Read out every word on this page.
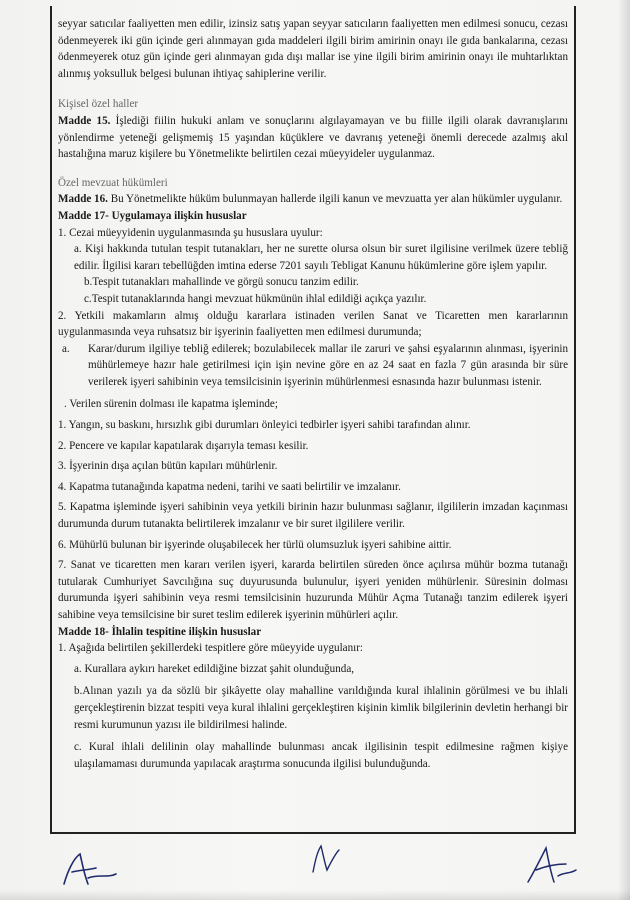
seyyar satıcılar faaliyetten men edilir, izinsiz satış yapan seyyar satıcıların faaliyetten men edilmesi sonucu, cezası ödenmeyerek iki gün içinde geri alınmayan gıda maddeleri ilgili birim amirinin onayı ile gıda bankalarına, cezası ödenmeyerek otuz gün içinde geri alınmayan gıda dışı mallar ise yine ilgili birim amirinin onayı ile muhtarlıktan alınmış yoksulluk belgesi bulunan ihtiyaç sahiplerine verilir.

Kişisel özel haller

Madde 15. İşlediği fiilin hukuki anlam ve sonuçlarını algılayamayan ve bu fiille ilgili olarak davranışlarını yönlendirme yeteneği gelişmemiş 15 yaşından küçüklere ve davranış yeteneği önemli derecede azalmış akıl hastalığına maruz kişilere bu Yönetmelikte belirtilen cezai müeyyideler uygulanmaz.

Özel mevzuat hükümleri

Madde 16. Bu Yönetmelikte hüküm bulunmayan hallerde ilgili kanun ve mevzuatta yer alan hükümler uygulanır.

Madde 17- Uygulamaya ilişkin hususlar

1. Cezai müeyyidenin uygulanmasında şu hususlara uyulur:

a. Kişi hakkında tutulan tespit tutanakları, her ne surette olursa olsun bir suret ilgilisine verilmek üzere tebliğ edilir. İlgilisi kararı tebellüğden imtina ederse 7201 sayılı Tebligat Kanunu hükümlerine göre işlem yapılır.

b.Tespit tutanakları mahallinde ve görgü sonucu tanzim edilir.

c.Tespit tutanaklarında hangi mevzuat hükmünün ihlal edildiği açıkça yazılır.

2. Yetkili makamların almış olduğu kararlara istinaden verilen Sanat ve Ticaretten men kararlarının uygulanmasında veya ruhsatsız bir işyerinin faaliyetten men edilmesi durumunda;

a.	Karar/durum ilgiliye tebliğ edilerek; bozulabilecek mallar ile zaruri ve şahsi eşyalarının alınması, işyerinin mühürlemeye hazır hale getirilmesi için işin nevine göre en az 24 saat en fazla 7 gün arasında bir süre verilerek işyeri sahibinin veya temsilcisinin işyerinin mühürlenmesi esnasında hazır bulunması istenir.

. Verilen sürenin dolması ile kapatma işleminde;

1. Yangın, su baskını, hırsızlık gibi durumları önleyici tedbirler işyeri sahibi tarafından alınır.

2. Pencere ve kapılar kapatılarak dışarıyla teması kesilir.

3. İşyerinin dışa açılan bütün kapıları mühürlenir.

4. Kapatma tutanağında kapatma nedeni, tarihi ve saati belirtilir ve imzalanır.

5. Kapatma işleminde işyeri sahibinin veya yetkili birinin hazır bulunması sağlanır, ilgililerin imzadan kaçınması durumunda durum tutanakta belirtilerek imzalanır ve bir suret ilgililere verilir.

6. Mühürlü bulunan bir işyerinde oluşabilecek her türlü olumsuzluk işyeri sahibine aittir.

7. Sanat ve ticaretten men kararı verilen işyeri, kararda belirtilen süreden önce açılırsa mühür bozma tutanağı tutularak Cumhuriyet Savcılığına suç duyurusunda bulunulur, işyeri yeniden mühürlenir. Süresinin dolması durumunda işyeri sahibinin veya resmi temsilcisinin huzurunda Mühür Açma Tutanağı tanzim edilerek işyeri sahibine veya temsilcisine bir suret teslim edilerek işyerinin mühürleri açılır.

Madde 18- İhlalin tespitine ilişkin hususlar

1. Aşağıda belirtilen şekillerdeki tespitlere göre müeyyide uygulanır:

a. Kurallara aykırı hareket edildiğine bizzat şahit olunduğunda,

b.Alınan yazılı ya da sözlü bir şikâyette olay mahalline varıldığında kural ihlalinin görülmesi ve bu ihlali gerçekleştirenin bizzat tespiti veya kural ihlalini gerçekleştiren kişinin kimlik bilgilerinin devletin herhangi bir resmi kurumunun yazısı ile bildirilmesi halinde.

c. Kural ihlali delilinin olay mahallinde bulunması ancak ilgilisinin tespit edilmesine rağmen kişiye ulaşılamaması durumunda yapılacak araştırma sonucunda ilgilisi bulunduğunda.
